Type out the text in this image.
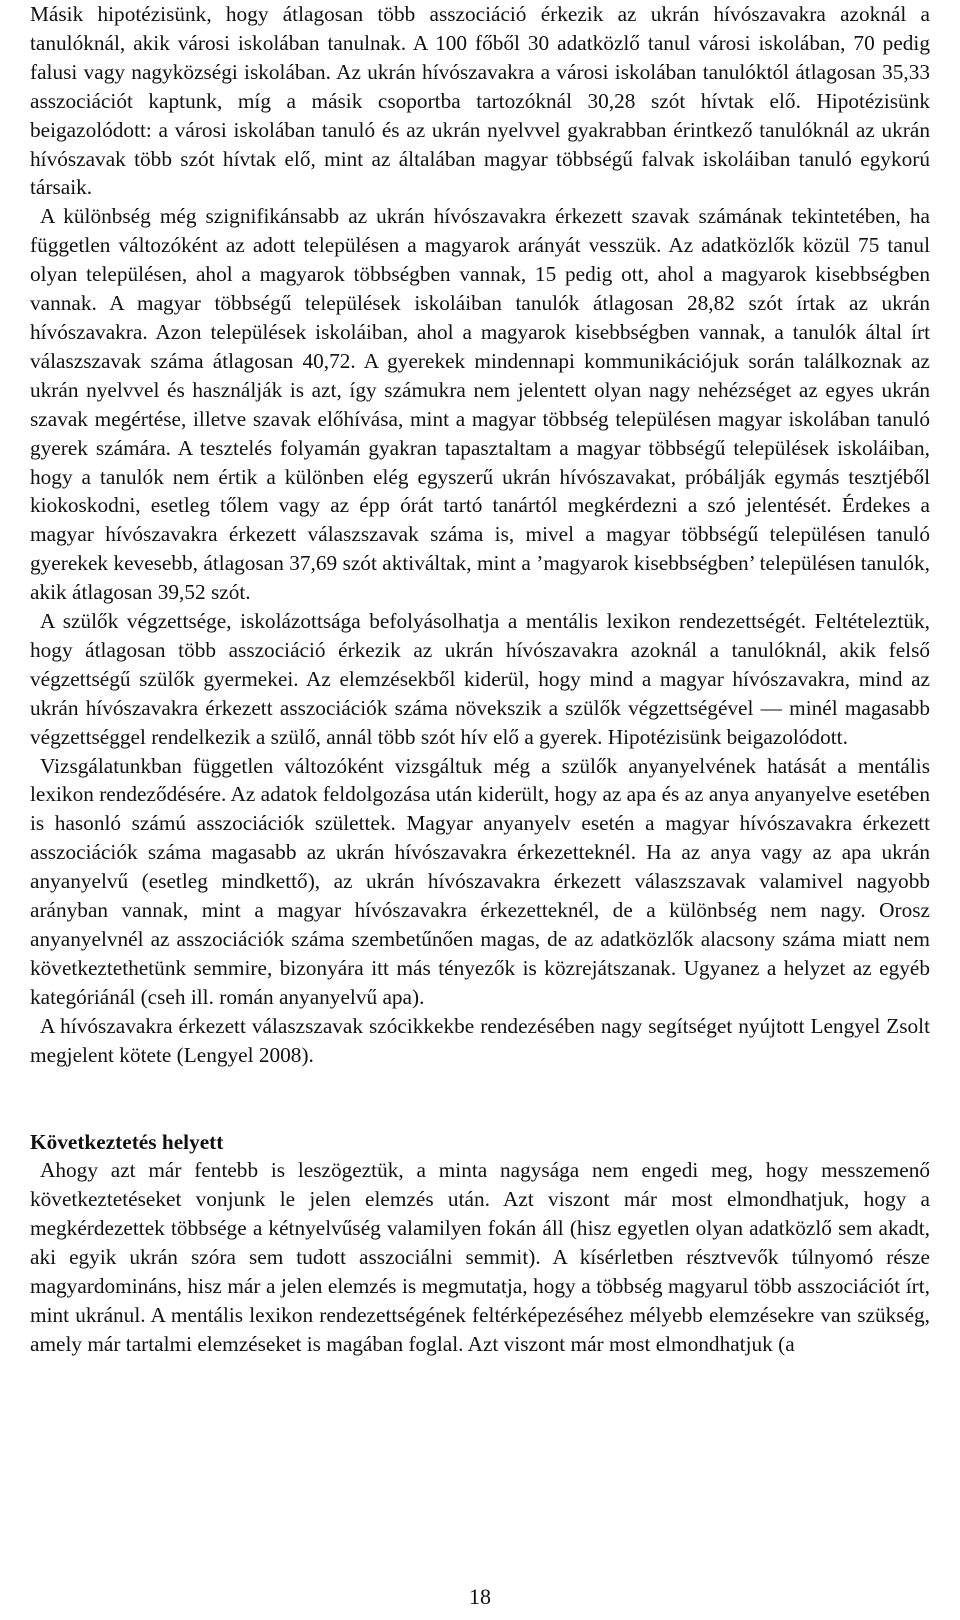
Másik hipotézisünk, hogy átlagosan több asszociáció érkezik az ukrán hívószavakra azoknál a tanulóknál, akik városi iskolában tanulnak. A 100 főből 30 adatközlő tanul városi iskolában, 70 pedig falusi vagy nagyközségi iskolában. Az ukrán hívószavakra a városi iskolában tanulóktól átlagosan 35,33 asszociációt kaptunk, míg a másik csoportba tartozóknál 30,28 szót hívtak elő. Hipotézisünk beigazolódott: a városi iskolában tanuló és az ukrán nyelvvel gyakrabban érintkező tanulóknál az ukrán hívószavak több szót hívtak elő, mint az általában magyar többségű falvak iskoláiban tanuló egykorú társaik.

A különbség még szignifikánsabb az ukrán hívószavakra érkezett szavak számának tekintetében, ha független változóként az adott településen a magyarok arányát vesszük. Az adatközlők közül 75 tanul olyan településen, ahol a magyarok többségben vannak, 15 pedig ott, ahol a magyarok kisebbségben vannak. A magyar többségű települések iskoláiban tanulók átlagosan 28,82 szót írtak az ukrán hívószavakra. Azon települések iskoláiban, ahol a magyarok kisebbségben vannak, a tanulók által írt válaszszavak száma átlagosan 40,72. A gyerekek mindennapi kommunikációjuk során találkoznak az ukrán nyelvvel és használják is azt, így számukra nem jelentett olyan nagy nehézséget az egyes ukrán szavak megértése, illetve szavak előhívása, mint a magyar többség településen magyar iskolában tanuló gyerek számára. A tesztelés folyamán gyakran tapasztaltam a magyar többségű települések iskoláiban, hogy a tanulók nem értik a különben elég egyszerű ukrán hívószavakat, próbálják egymás tesztjéből kiokoskodni, esetleg tőlem vagy az épp órát tartó tanártól megkérdezni a szó jelentését. Érdekes a magyar hívószavakra érkezett válaszszavak száma is, mivel a magyar többségű településen tanuló gyerekek kevesebb, átlagosan 37,69 szót aktiváltak, mint a ’magyarok kisebbségben’ településen tanulók, akik átlagosan 39,52 szót.

A szülők végzettsége, iskolázottsága befolyásolhatja a mentális lexikon rendezettségét. Feltételeztük, hogy átlagosan több asszociáció érkezik az ukrán hívószavakra azoknál a tanulóknál, akik felső végzettségű szülők gyermekei. Az elemzésekből kiderül, hogy mind a magyar hívószavakra, mind az ukrán hívószavakra érkezett asszociációk száma növekszik a szülők végzettségével — minél magasabb végzettséggel rendelkezik a szülő, annál több szót hív elő a gyerek. Hipotézisünk beigazolódott.

Vizsgálatunkban független változóként vizsgáltuk még a szülők anyanyelvének hatását a mentális lexikon rendeződésére. Az adatok feldolgozása után kiderült, hogy az apa és az anya anyanyelve esetében is hasonló számú asszociációk születtek. Magyar anyanyelv esetén a magyar hívószavakra érkezett asszociációk száma magasabb az ukrán hívószavakra érkezetteknél. Ha az anya vagy az apa ukrán anyanyelvű (esetleg mindkettő), az ukrán hívószavakra érkezett válaszszavak valamivel nagyobb arányban vannak, mint a magyar hívószavakra érkezetteknél, de a különbség nem nagy. Orosz anyanyelvnél az asszociációk száma szembetűnően magas, de az adatközlők alacsony száma miatt nem következtethetünk semmire, bizonyára itt más tényezők is közrejátszanak. Ugyanez a helyzet az egyéb kategóriánál (cseh ill. román anyanyelvű apa).

A hívószavakra érkezett válaszszavak szócikkekbe rendezésében nagy segítséget nyújtott Lengyel Zsolt megjelent kötete (Lengyel 2008).

Következtetés helyett

Ahogy azt már fentebb is leszögeztük, a minta nagysága nem engedi meg, hogy messzemenő következtetéseket vonjunk le jelen elemzés után. Azt viszont már most elmondhatjuk, hogy a megkérdezettek többsége a kétnyelvűség valamilyen fokán áll (hisz egyetlen olyan adatközlő sem akadt, aki egyik ukrán szóra sem tudott asszociálni semmit). A kísérletben résztvevők túlnyomó része magyardomináns, hisz már a jelen elemzés is megmutatja, hogy a többség magyarul több asszociációt írt, mint ukránul. A mentális lexikon rendezettségének feltérképezéséhez mélyebb elemzésekre van szükség, amely már tartalmi elemzéseket is magában foglal. Azt viszont már most elmondhatjuk (a

18
